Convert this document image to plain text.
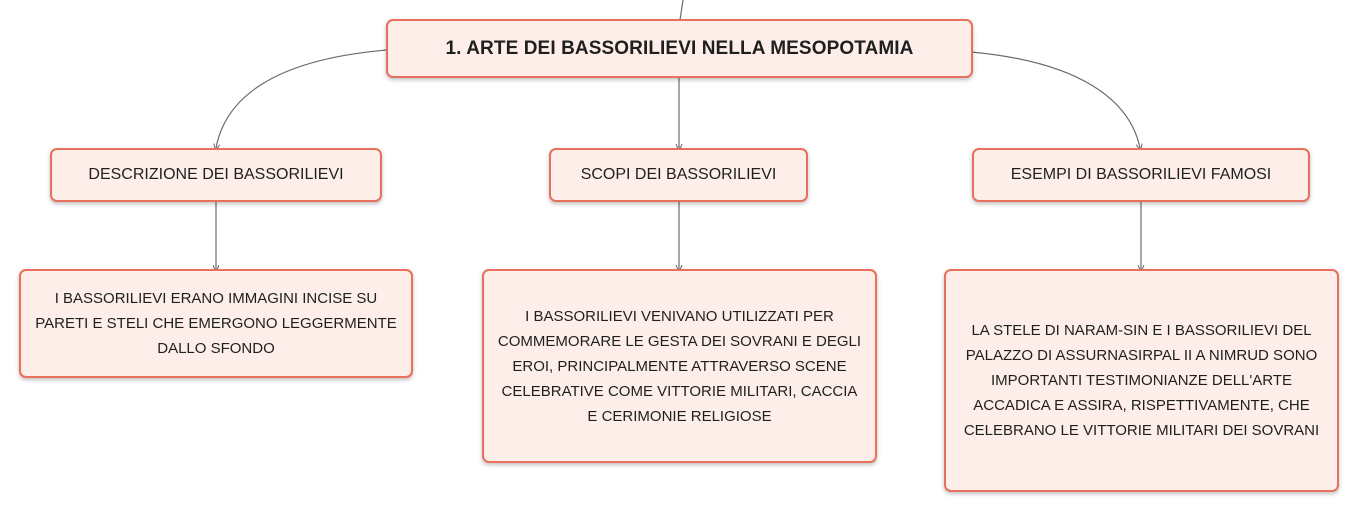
1. ARTE DEI BASSORILIEVI NELLA MESOPOTAMIA
DESCRIZIONE DEI BASSORILIEVI	SCOPI DEI BASSORILIEVI	ESEMPI DI BASSORILIEVI FAMOSI
I BASSORILIEVI ERANO IMMAGINI INCISE SU PARETI E STELI CHE EMERGONO LEGGERMENTE DALLO SFONDO
I BASSORILIEVI VENIVANO UTILIZZATI PER COMMEMORARE LE GESTA DEI SOVRANI E DEGLI EROI, PRINCIPALMENTE ATTRAVERSO SCENE CELEBRATIVE COME VITTORIE MILITARI, CACCIA E CERIMONIE RELIGIOSE
LA STELE DI NARAM-SIN E I BASSORILIEVI DEL PALAZZO DI ASSURNASIRPAL II A NIMRUD SONO IMPORTANTI TESTIMONIANZE DELL'ARTE ACCADICA E ASSIRA, RISPETTIVAMENTE, CHE CELEBRANO LE VITTORIE MILITARI DEI SOVRANI
